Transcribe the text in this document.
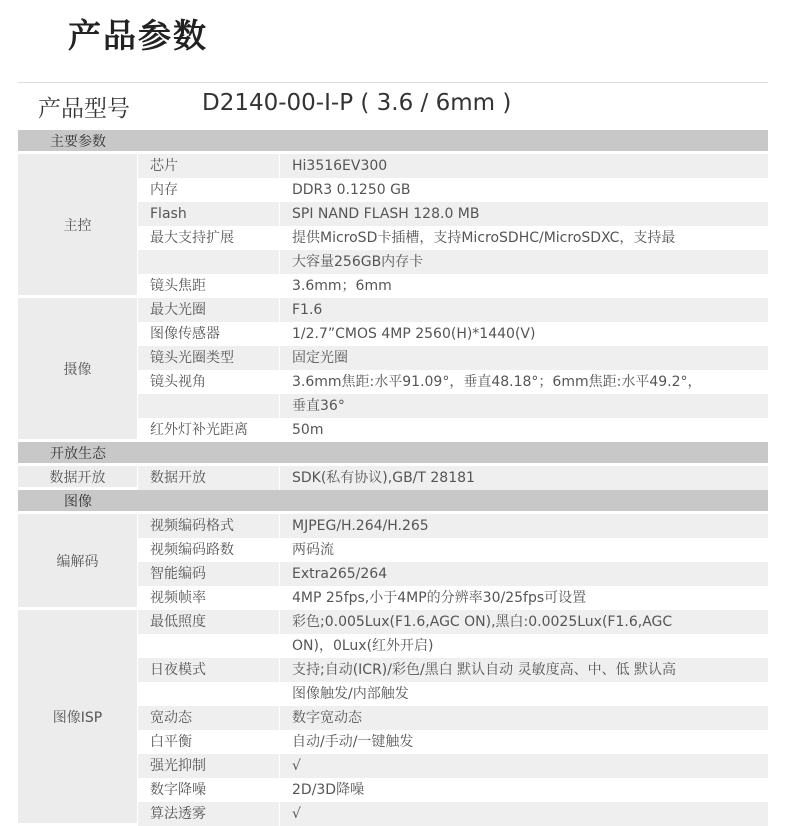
产品参数
产品型号	D2140-00-I-P ( 3.6 / 6mm )
主要参数
主控
芯片	Hi3516EV300
内存	DDR3 0.1250 GB
Flash	SPI NAND FLASH 128.0 MB
最大支持扩展	提供MicroSD卡插槽，支持MicroSDHC/MicroSDXC，支持最

大容量256GB内存卡
镜头焦距	3.6mm；6mm
摄像
最大光圈	F1.6
图像传感器	1/2.7”CMOS 4MP 2560(H)*1440(V)
镜头光圈类型	固定光圈
镜头视角	3.6mm焦距:水平91.09°，垂直48.18°；6mm焦距:水平49.2°，

垂直36°
红外灯补光距离	50m
开放生态
数据开放	数据开放	SDK(私有协议),GB/T 28181
图像
编解码
视频编码格式	MJPEG/H.264/H.265
视频编码路数	两码流
智能编码	Extra265/264
视频帧率	4MP 25fps,小于4MP的分辨率30/25fps可设置
图像ISP
最低照度	彩色;0.005Lux(F1.6,AGC ON),黑白:0.0025Lux(F1.6,AGC

ON)，0Lux(红外开启)
日夜模式	支持;自动(ICR)/彩色/黑白 默认自动 灵敏度高、中、低 默认高

图像触发/内部触发
宽动态	数字宽动态
白平衡	自动/手动/一键触发
强光抑制	√
数字降噪	2D/3D降噪
算法透雾	√
